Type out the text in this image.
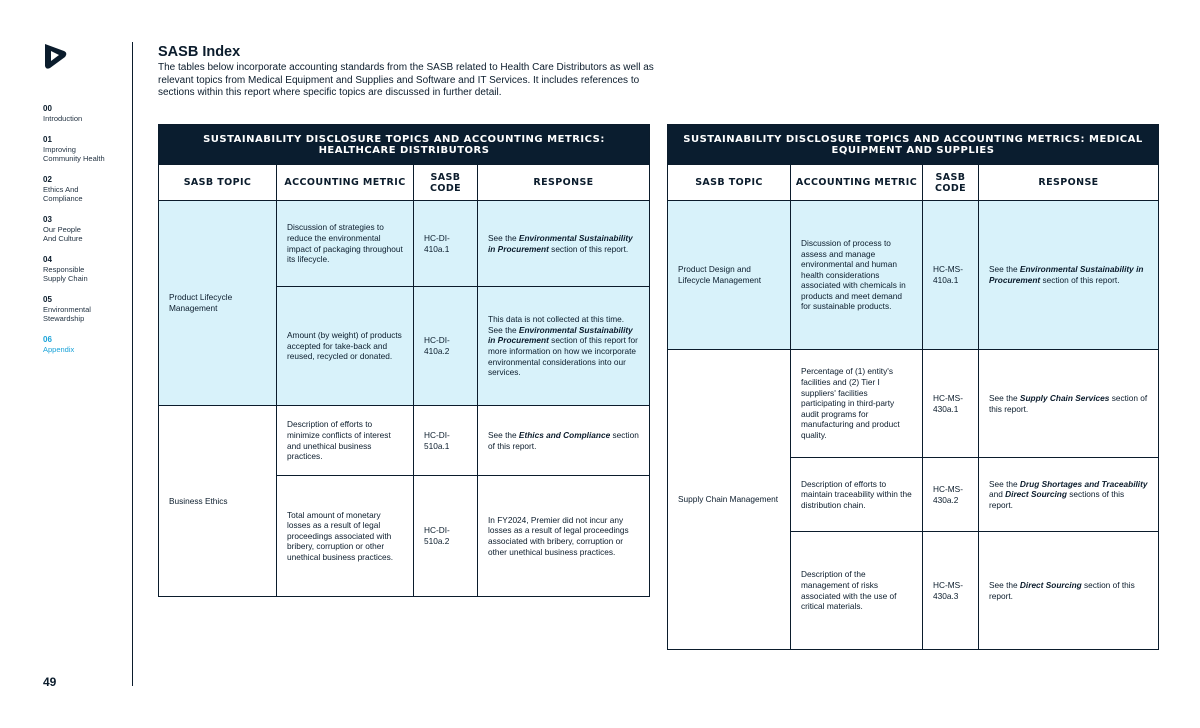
00
Introduction
01
Improving Community Health
02
Ethics And Compliance
03
Our People And Culture
04
Responsible Supply Chain
05
Environmental Stewardship
06
Appendix
49
SASB Index
The tables below incorporate accounting standards from the SASB related to Health Care Distributors as well as relevant topics from Medical Equipment and Supplies and Software and IT Services. It includes references to sections within this report where specific topics are discussed in further detail.
SUSTAINABILITY DISCLOSURE TOPICS AND ACCOUNTING METRICS: HEALTHCARE DISTRIBUTORS			
SASB TOPIC	ACCOUNTING METRIC	SASB CODE	RESPONSE
Product Lifecycle Management	Discussion of strategies to reduce the environmental impact of packaging throughout its lifecycle.	HC-DI-410a.1	See the Environmental Sustainability in Procurement section of this report.
	Amount (by weight) of products accepted for take-back and reused, recycled or donated.	HC-DI-410a.2	This data is not collected at this time. See the Environmental Sustainability in Procurement section of this report for more information on how we incorporate environmental considerations into our services.
Business Ethics	Description of efforts to minimize conflicts of interest and unethical business practices.	HC-DI-510a.1	See the Ethics and Compliance section of this report.
	Total amount of monetary losses as a result of legal proceedings associated with bribery, corruption or other unethical business practices.	HC-DI-510a.2	In FY2024, Premier did not incur any losses as a result of legal proceedings associated with bribery, corruption or other unethical business practices.
SUSTAINABILITY DISCLOSURE TOPICS AND ACCOUNTING METRICS: MEDICAL EQUIPMENT AND SUPPLIES			
SASB TOPIC	ACCOUNTING METRIC	SASB CODE	RESPONSE
Product Design and Lifecycle Management	Discussion of process to assess and manage environmental and human health considerations associated with chemicals in products and meet demand for sustainable products.	HC-MS-410a.1	See the Environmental Sustainability in Procurement section of this report.
Supply Chain Management	Percentage of (1) entity's facilities and (2) Tier I suppliers' facilities participating in third-party audit programs for manufacturing and product quality.	HC-MS-430a.1	See the Supply Chain Services section of this report.
	Description of efforts to maintain traceability within the distribution chain.	HC-MS-430a.2	See the Drug Shortages and Traceability and Direct Sourcing sections of this report.
	Description of the management of risks associated with the use of critical materials.	HC-MS-430a.3	See the Direct Sourcing section of this report.
